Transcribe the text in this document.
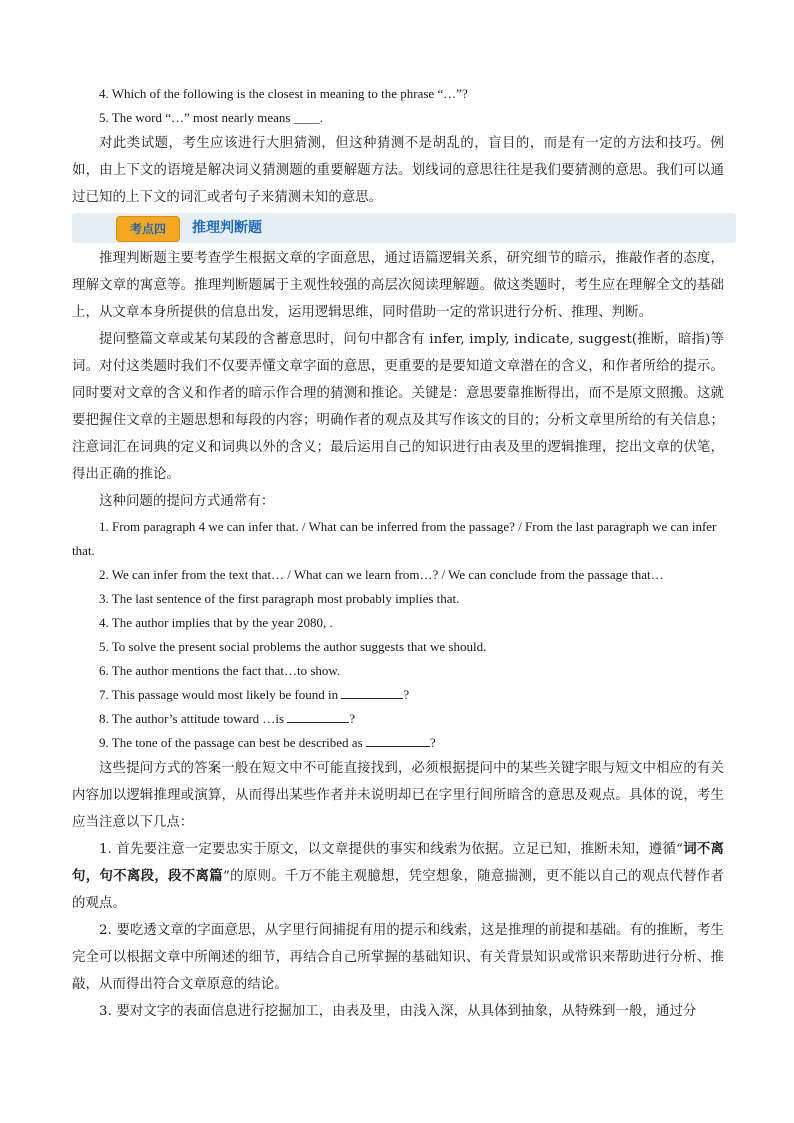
4. Which of the following is the closest in meaning to the phrase “…”?

5. The word “…” most nearly means ____.

对此类试题，考生应该进行大胆猜测，但这种猜测不是胡乱的，盲目的，而是有一定的方法和技巧。例如，由上下文的语境是解决词义猜测题的重要解题方法。划线词的意思往往是我们要猜测的意思。我们可以通过已知的上下文的词汇或者句子来猜测未知的意思。

考点四	推理判断题

推理判断题主要考查学生根据文章的字面意思，通过语篇逻辑关系，研究细节的暗示，推敲作者的态度，理解文章的寓意等。推理判断题属于主观性较强的高层次阅读理解题。做这类题时，考生应在理解全文的基础上，从文章本身所提供的信息出发，运用逻辑思维，同时借助一定的常识进行分析、推理、判断。

提问整篇文章或某句某段的含蓄意思时，问句中都含有 infer, imply, indicate, suggest(推断，暗指)等词。对付这类题时我们不仅要弄懂文章字面的意思，更重要的是要知道文章潜在的含义，和作者所给的提示。同时要对文章的含义和作者的暗示作合理的猜测和推论。关键是：意思要靠推断得出，而不是原文照搬。这就要把握住文章的主题思想和每段的内容；明确作者的观点及其写作该文的目的；分析文章里所给的有关信息；注意词汇在词典的定义和词典以外的含义；最后运用自己的知识进行由表及里的逻辑推理，挖出文章的伏笔，得出正确的推论。

这种问题的提问方式通常有：

1. From paragraph 4 we can infer that. / What can be inferred from the passage? / From the last paragraph we can infer that.

2. We can infer from the text that… / What can we learn from…? / We can conclude from the passage that…

3. The last sentence of the first paragraph most probably implies that.

4. The author implies that by the year 2080, .

5. To solve the present social problems the author suggests that we should.

6. The author mentions the fact that…to show.

7. This passage would most likely be found in	?

8. The author’s attitude toward …is	?

9. The tone of the passage can best be described as	?

这些提问方式的答案一般在短文中不可能直接找到，必须根据提问中的某些关键字眼与短文中相应的有关内容加以逻辑推理或演算，从而得出某些作者并未说明却已在字里行间所暗含的意思及观点。具体的说，考生应当注意以下几点：

1. 首先要注意一定要忠实于原文，以文章提供的事实和线索为依据。立足已知，推断未知，遵循“词不离句，句不离段，段不离篇”的原则。千万不能主观臆想，凭空想象，随意揣测，更不能以自己的观点代替作者的观点。

2. 要吃透文章的字面意思，从字里行间捕捉有用的提示和线索，这是推理的前提和基础。有的推断，考生完全可以根据文章中所阐述的细节，再结合自己所掌握的基础知识、有关背景知识或常识来帮助进行分析、推敲，从而得出符合文章原意的结论。

3. 要对文字的表面信息进行挖掘加工，由表及里，由浅入深，从具体到抽象，从特殊到一般，通过分
